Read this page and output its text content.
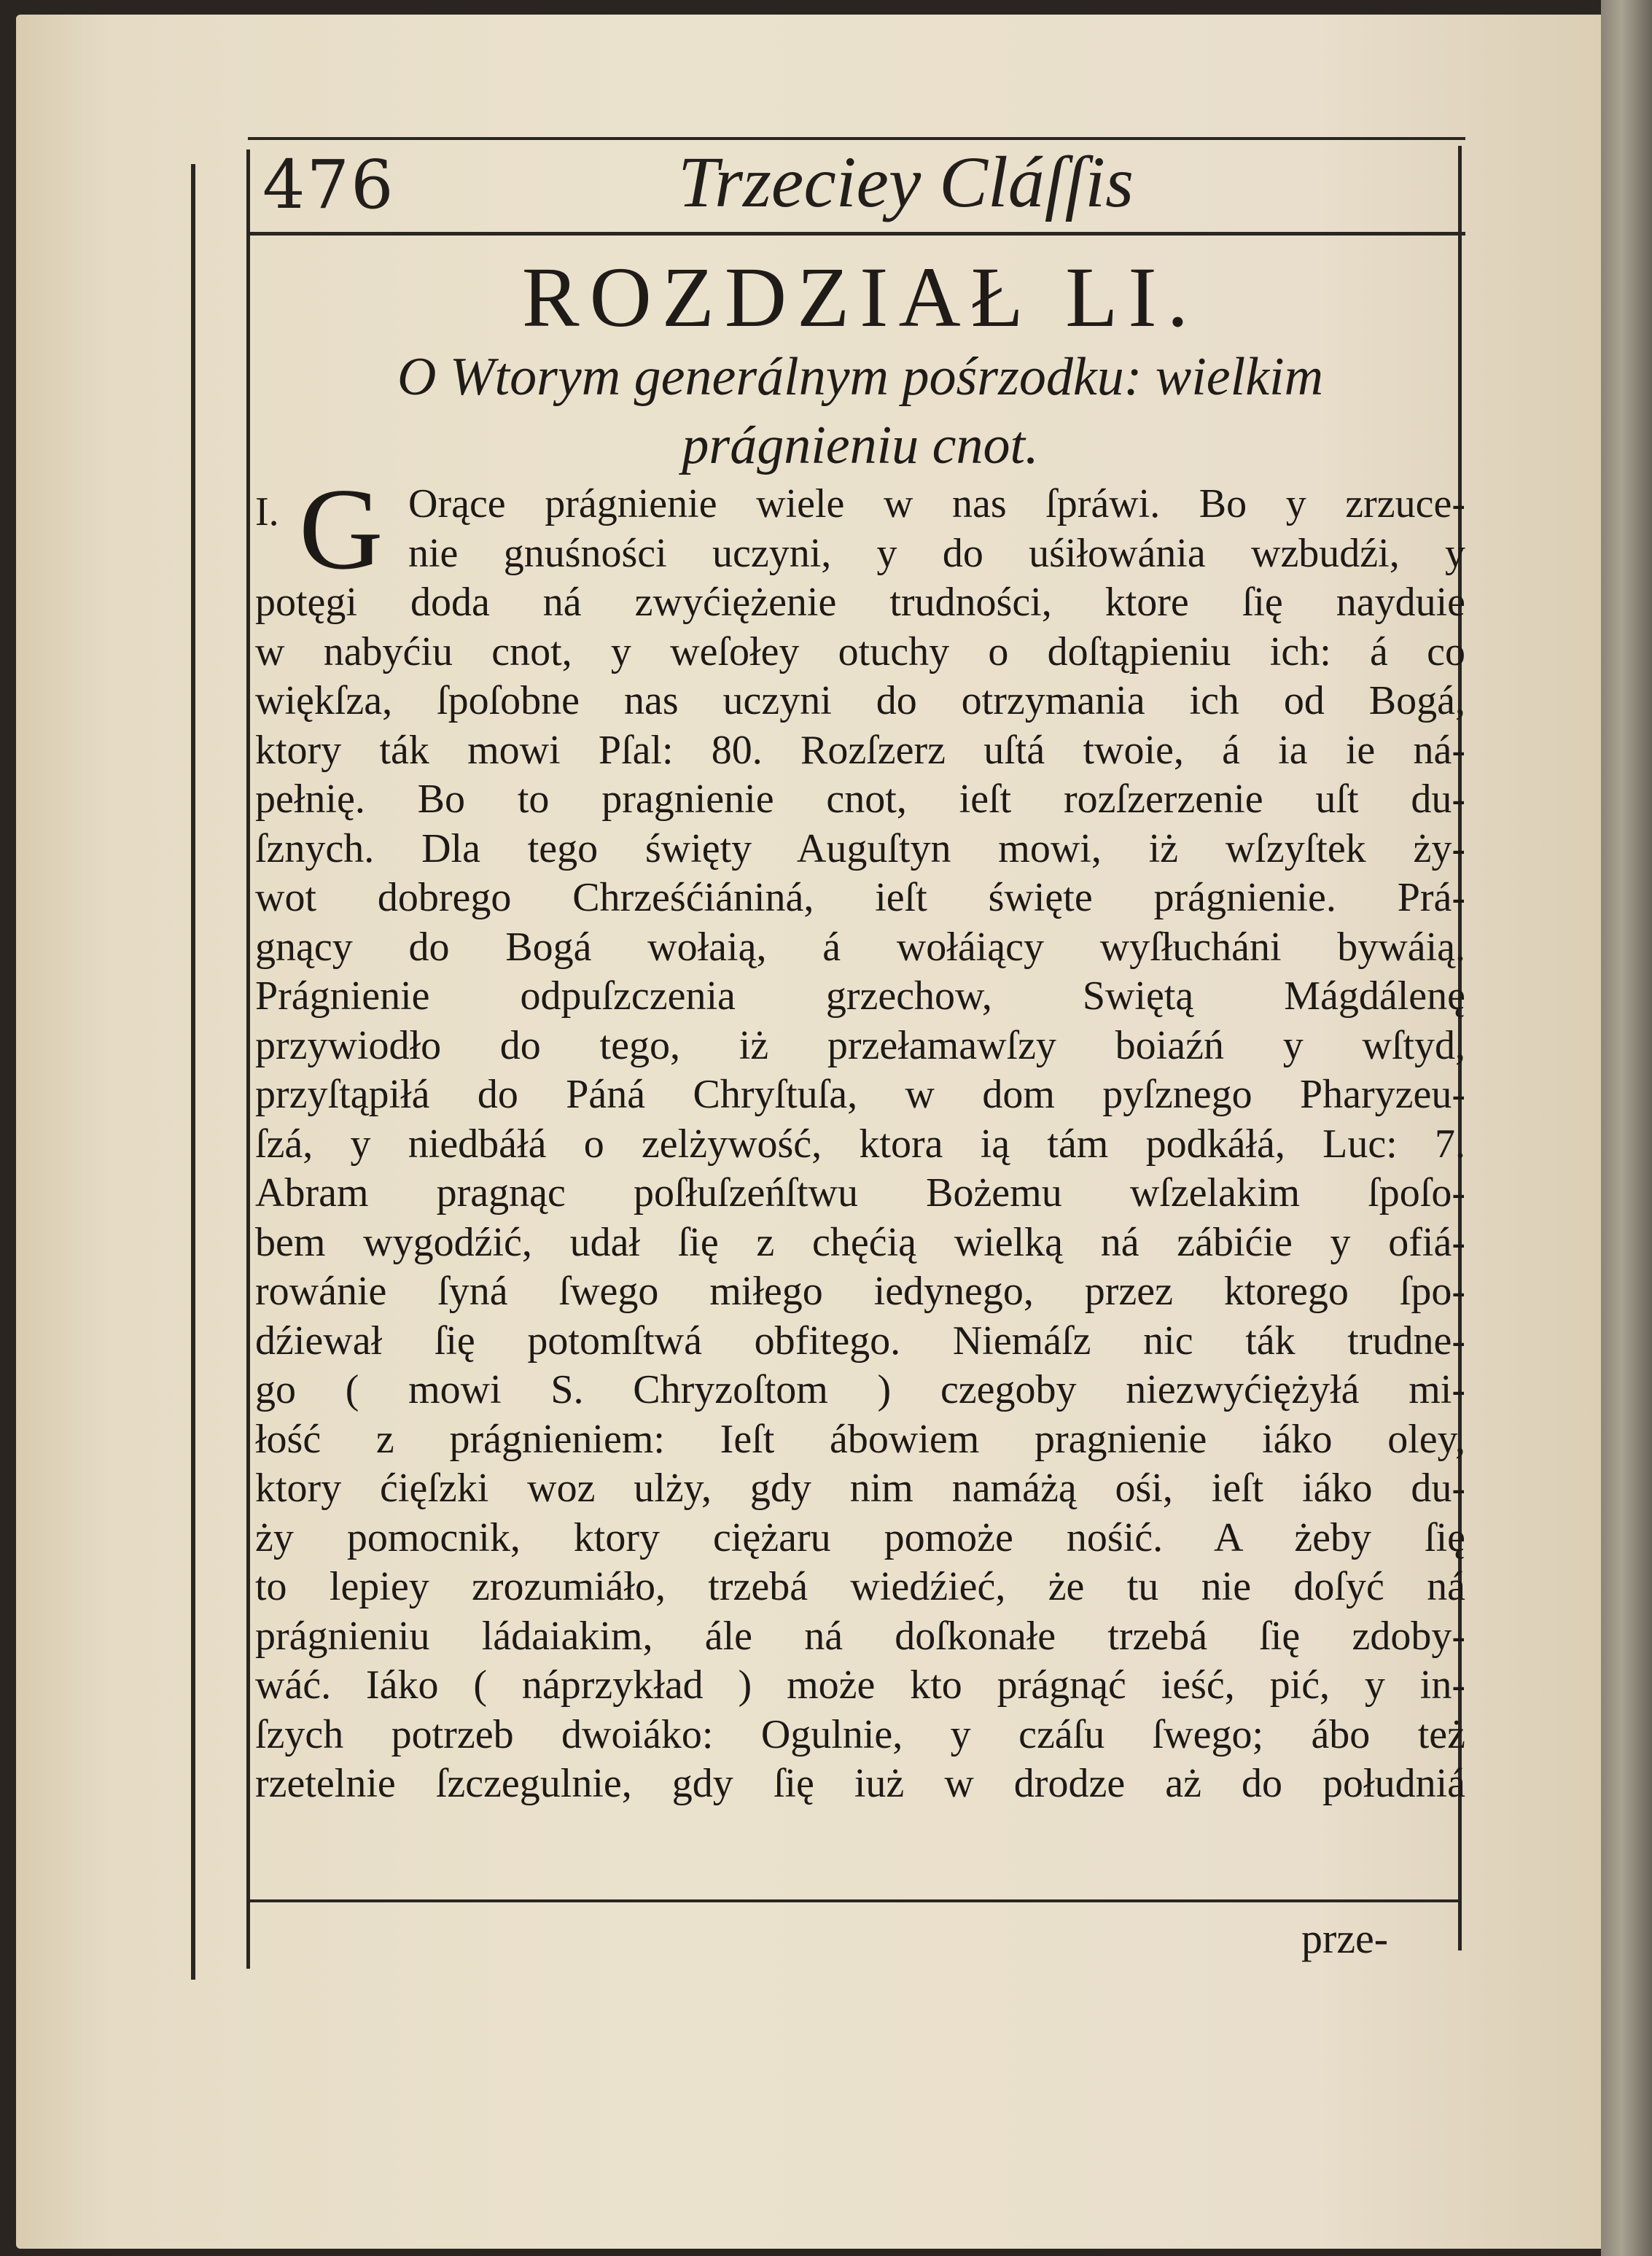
476	Trzeciey Cláſſis
ROZDZIAŁ LI.
O Wtorym generálnym pośrzodku: wielkim
prágnieniu cnot.
I. G Orące prágnienie wiele w nas ſpráwi. Bo y zrzuce-
nie gnuśności uczyni, y do uśiłowánia wzbudźi, y
potęgi doda ná zwyćiężenie trudności, ktore ſię nayduie
w nabyćiu cnot, y weſołey otuchy o doſtąpieniu ich: á co
więkſza, ſpoſobne nas uczyni do otrzymania ich od Bogá,
ktory ták mowi Pſal: 80. Rozſzerz uſtá twoie, á ia ie ná-
pełnię. Bo to pragnienie cnot, ieſt rozſzerzenie uſt du-
ſznych. Dla tego święty Auguſtyn mowi, iż wſzyſtek ży-
wot dobrego Chrześćiániná, ieſt święte prágnienie. Prá-
gnący do Bogá wołaią, á wołáiący wyſłucháni bywáią.
Prágnienie odpuſzczenia grzechow, Swiętą Mágdálenę
przywiodło do tego, iż przełamawſzy boiaźń y wſtyd,
przyſtąpiłá do Páná Chryſtuſa, w dom pyſznego Pharyzeu-
ſzá, y niedbáłá o zelżywość, ktora ią tám podkáłá, Luc: 7.
Abram pragnąc poſłuſzeńſtwu Bożemu wſzelakim ſpoſo-
bem wygodźić, udał ſię z chęćią wielką ná zábićie y ofiá-
rowánie ſyná ſwego miłego iedynego, przez ktorego ſpo-
dźiewał ſię potomſtwá obfitego. Niemáſz nic ták trudne-
go ( mowi S. Chryzoſtom ) czegoby niezwyćiężyłá mi-
łość z prágnieniem: Ieſt ábowiem pragnienie iáko oley,
ktory ćięſzki woz ulży, gdy nim namáżą ośi, ieſt iáko du-
ży pomocnik, ktory ciężaru pomoże nośić. A żeby ſię
to lepiey zrozumiáło, trzebá wiedźieć, że tu nie doſyć ná
prágnieniu ládaiakim, ále ná doſkonałe trzebá ſię zdoby-
wáć. Iáko ( náprzykład ) może kto prágnąć ieść, pić, y in-
ſzych potrzeb dwoiáko: Ogulnie, y czáſu ſwego; ábo też
rzetelnie ſzczegulnie, gdy ſię iuż w drodze aż do południá
prze-
